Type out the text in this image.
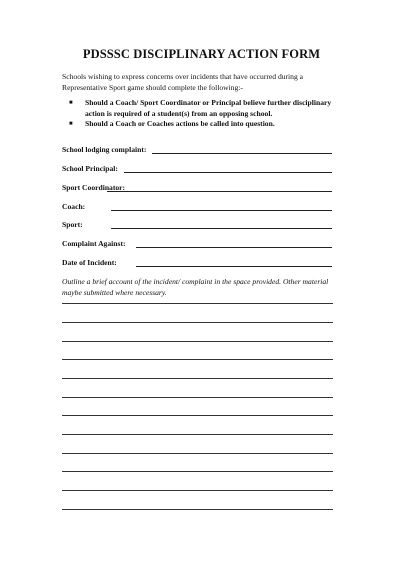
PDSSSC DISCIPLINARY ACTION FORM
Schools wishing to express concerns over incidents that have occurred during a Representative Sport game should complete the following:-
■ Should a Coach/ Sport Coordinator or Principal believe further disciplinary action is required of a student(s) from an opposing school.
■ Should a Coach or Coaches actions be called into question.
School lodging complaint:
School Principal:
Sport Coordinator:
Coach:
Sport:
Complaint Against:
Date of Incident:
Outline a brief account of the incident/ complaint in the space provided. Other material maybe submitted where necessary.
